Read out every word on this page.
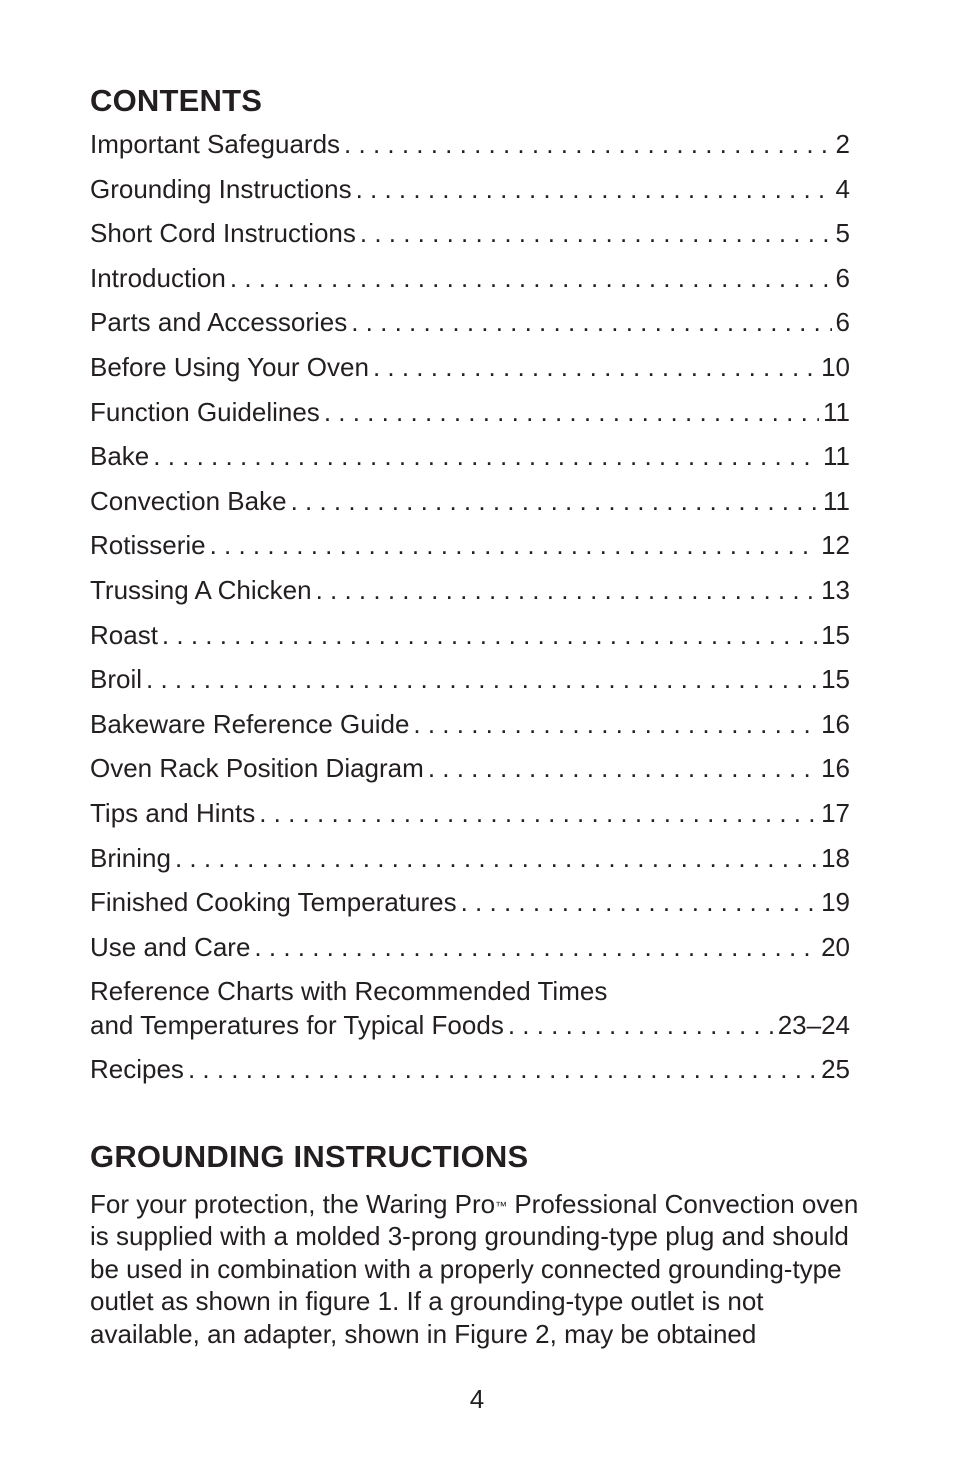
CONTENTS
Important Safeguards . . .	2
Grounding Instructions . . .	4
Short Cord Instructions . . .	5
Introduction . . .	6
Parts and Accessories . . .	6
Before Using Your Oven . . .	10
Function Guidelines . . .	11
Bake . . .	11
Convection Bake . . .	11
Rotisserie . . .	12
Trussing A Chicken . . .	13
Roast . . .	15
Broil . . .	15
Bakeware Reference Guide . . .	16
Oven Rack Position Diagram . . .	16
Tips and Hints . . .	17
Brining . . .	18
Finished Cooking Temperatures . . .	19
Use and Care . . .	20
Reference Charts with Recommended Times
and Temperatures for Typical Foods . . .	23–24
Recipes . . .	25
GROUNDING INSTRUCTIONS

For your protection, the Waring Pro™ Professional Convection oven is supplied with a molded 3-prong grounding-type plug and should be used in combination with a properly connected grounding-type outlet as shown in figure 1. If a grounding-type outlet is not available, an adapter, shown in Figure 2, may be obtained

4
